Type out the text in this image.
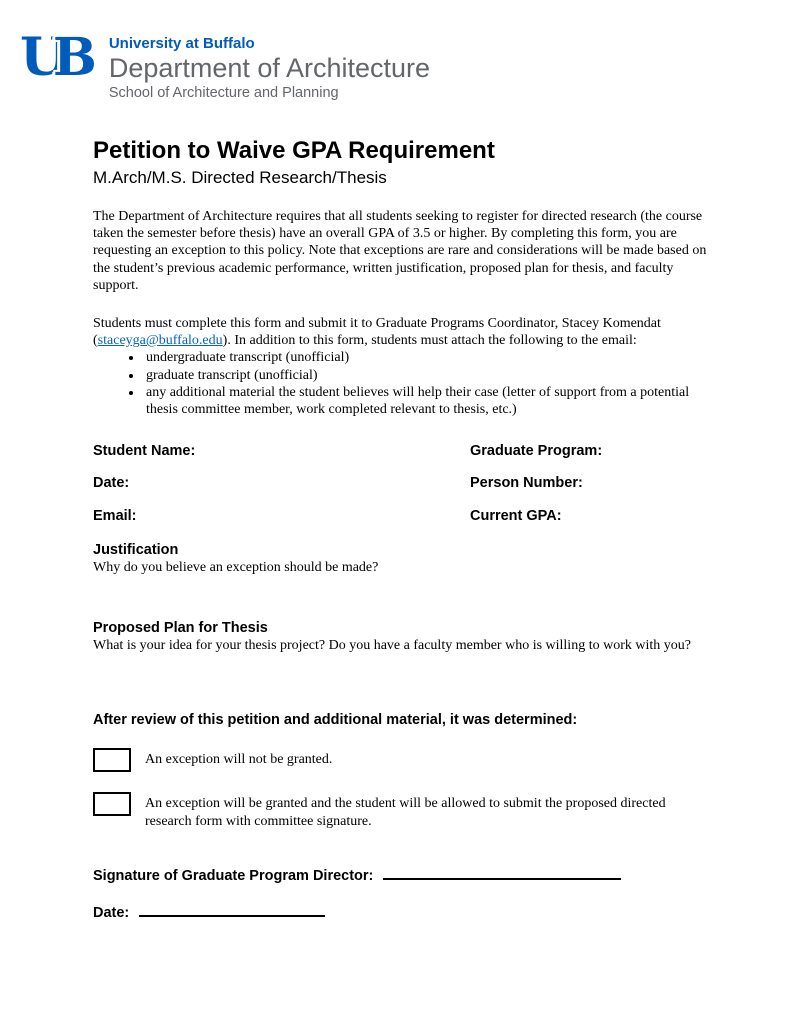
UB University at Buffalo
Department of Architecture
School of Architecture and Planning
Petition to Waive GPA Requirement
M.Arch/M.S. Directed Research/Thesis

The Department of Architecture requires that all students seeking to register for directed research (the course taken the semester before thesis) have an overall GPA of 3.5 or higher. By completing this form, you are requesting an exception to this policy. Note that exceptions are rare and considerations will be made based on the student’s previous academic performance, written justification, proposed plan for thesis, and faculty support.

Students must complete this form and submit it to Graduate Programs Coordinator, Stacey Komendat (staceyga@buffalo.edu). In addition to this form, students must attach the following to the email:

• undergraduate transcript (unofficial)
• graduate transcript (unofficial)
• any additional material the student believes will help their case (letter of support from a potential thesis committee member, work completed relevant to thesis, etc.)
Student Name:	Graduate Program:
Date:	Person Number:
Email:	Current GPA:
Justification
Why do you believe an exception should be made?
Proposed Plan for Thesis
What is your idea for your thesis project? Do you have a faculty member who is willing to work with you?
After review of this petition and additional material, it was determined:
An exception will not be granted.
An exception will be granted and the student will be allowed to submit the proposed directed research form with committee signature.
Signature of Graduate Program Director:
Date:
